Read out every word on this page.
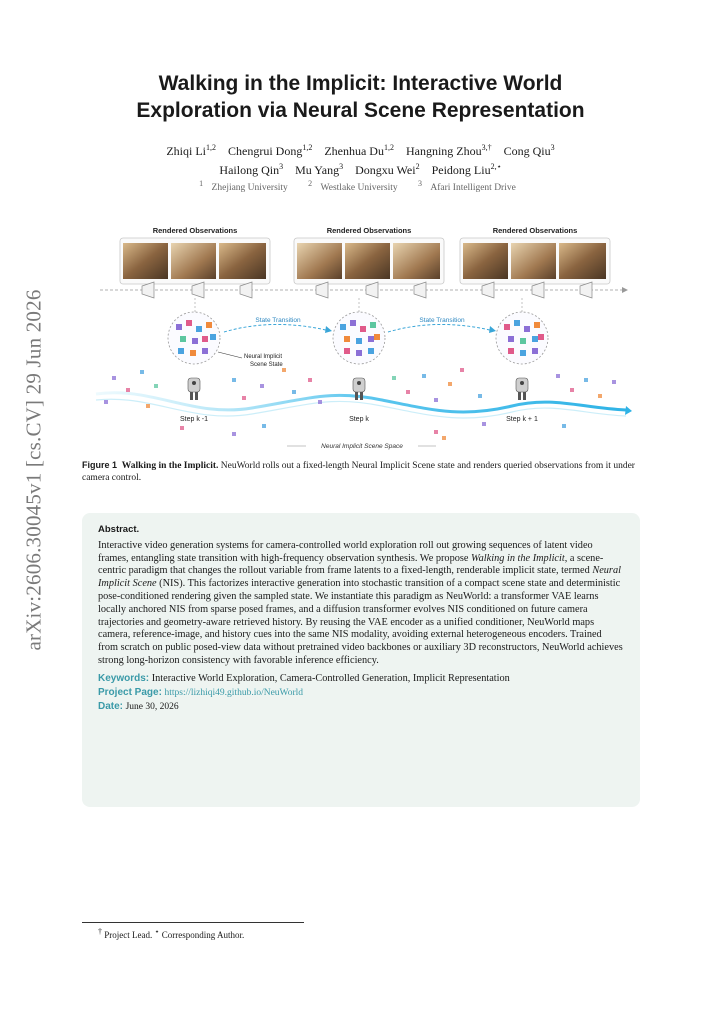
arXiv:2606.30045v1 [cs.CV] 29 Jun 2026
Walking in the Implicit: Interactive World
Exploration via Neural Scene Representation
Zhiqi Li$^{1,2}$ Chengrui Dong$^{1,2}$ Zhenhua Du$^{1,2}$ Hangning Zhou$^{3,\dagger}$ Cong Qiu$^3$
Hailong Qin$^3$ Mu Yang$^3$ Dongxu Wei$^2$ Peidong Liu$^{2,⋆}$
$^1$ Zhejiang University	$^2$ Westlake University	$^3$ Afari Intelligent Drive
Rendered Observations	Rendered Observations	Rendered Observations
State Transition	State Transition
Neural Implicit
Scene State
Step k -1	Step k	Step k + 1
Neural Implicit Scene Space
Figure 1 Walking in the Implicit. NeuWorld rolls out a fixed-length Neural Implicit Scene state and renders queried observations from it under camera control.
Abstract.
Interactive video generation systems for camera-controlled world exploration roll out growing sequences of latent video frames, entangling state transition with high-frequency observation synthesis. We propose Walking in the Implicit, a scene-centric paradigm that changes the rollout variable from frame latents to a fixed-length, renderable implicit state, termed Neural Implicit Scene (NIS). This factorizes interactive generation into stochastic transition of a compact scene state and deterministic pose-conditioned rendering given the sampled state. We instantiate this paradigm as NeuWorld: a transformer VAE learns locally anchored NIS from sparse posed frames, and a diffusion transformer evolves NIS conditioned on future camera trajectories and geometry-aware retrieved history. By reusing the VAE encoder as a unified conditioner, NeuWorld maps camera, reference-image, and history cues into the same NIS modality, avoiding external heterogeneous encoders. Trained from scratch on public posed-view data without pretrained video backbones or auxiliary 3D reconstructors, NeuWorld achieves strong long-horizon consistency with favorable inference efficiency.
Keywords: Interactive World Exploration, Camera-Controlled Generation, Implicit Representation
Project Page: https://lizhiqi49.github.io/NeuWorld
Date: June 30, 2026
† Project Lead. ⋆ Corresponding Author.
